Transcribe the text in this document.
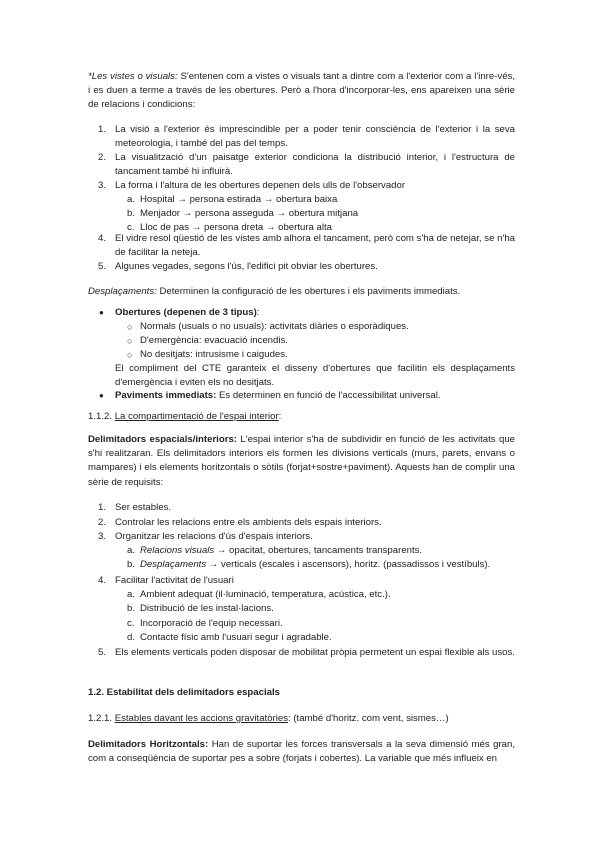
*Les vistes o visuals: S'entenen com a vistes o visuals tant a dintre com a l'exterior com a l'inre-vés, i es duen a terme a través de les obertures. Però a l'hora d'incorporar-les, ens apareixen una sèrie de relacions i condicions:

1. La visió a l'exterior és imprescindible per a poder tenir consciència de l'exterior i la seva meteorologia, i també del pas del temps.
2. La visualització d'un paisatge exterior condiciona la distribució interior, i l'estructura de tancament també hi influirà.
3. La forma i l'altura de les obertures depenen dels ulls de l'observador
a. Hospital → persona estirada → obertura baixa
b. Menjador → persona asseguda → obertura mitjana
c. Lloc de pas → persona dreta → obertura alta
4. El vidre resol qüestió de les vistes amb alhora el tancament, però com s'ha de netejar, se n'ha de facilitar la neteja.
5. Algunes vegades, segons l'ús, l'edifici pit obviar les obertures.

Desplaçaments: Determinen la configuració de les obertures i els paviments immediats.

●	Obertures (depenen de 3 tipus):
○ Normals (usuals o no usuals): activitats diàries o esporàdiques.
○ D'emergència: evacuació incendis.
○ No desitjats: intrusisme i caigudes.
El compliment del CTE garanteix el disseny d'obertures que facilitin els desplaçaments d'emergència i eviten els no desitjats.
●	Paviments immediats: Es determinen en funció de l'accessibilitat universal.

1.1.2. La compartimentació de l'espai interior:

Delimitadors espacials/interiors: L'espai interior s'ha de subdividir en funció de les activitats que s'hi realitzaran. Els delimitadors interiors els formen les divisions verticals (murs, parets, envans o mampares) i els elements horitzontals o sòtils (forjat+sostre+paviment). Aquests han de complir una sèrie de requisits:

1. Ser estables.
2. Controlar les relacions entre els ambients dels espais interiors.
3. Organitzar les relacions d'ús d'espais interiors.
a. Relacions visuals → opacitat, obertures, tancaments transparents.
b. Desplaçaments → verticals (escales i ascensors), horitz. (passadissos i vestíbuls).
4. Facilitar l'activitat de l'usuari
a. Ambient adequat (il·luminació, temperatura, acústica, etc.).
b. Distribució de les instal·lacions.
c. Incorporació de l'equip necessari.
d. Contacte físic amb l'usuari segur i agradable.
5. Els elements verticals poden disposar de mobilitat pròpia permetent un espai flexible als usos.

1.2. Estabilitat dels delimitadors espacials

1.2.1. Estables davant les accions gravitatòries: (també d'horitz. com vent, sismes…)

Delimitadors Horitzontals: Han de suportar les forces transversals a la seva dimensió més gran, com a conseqüència de suportar pes a sobre (forjats i cobertes). La variable que més influeix en
